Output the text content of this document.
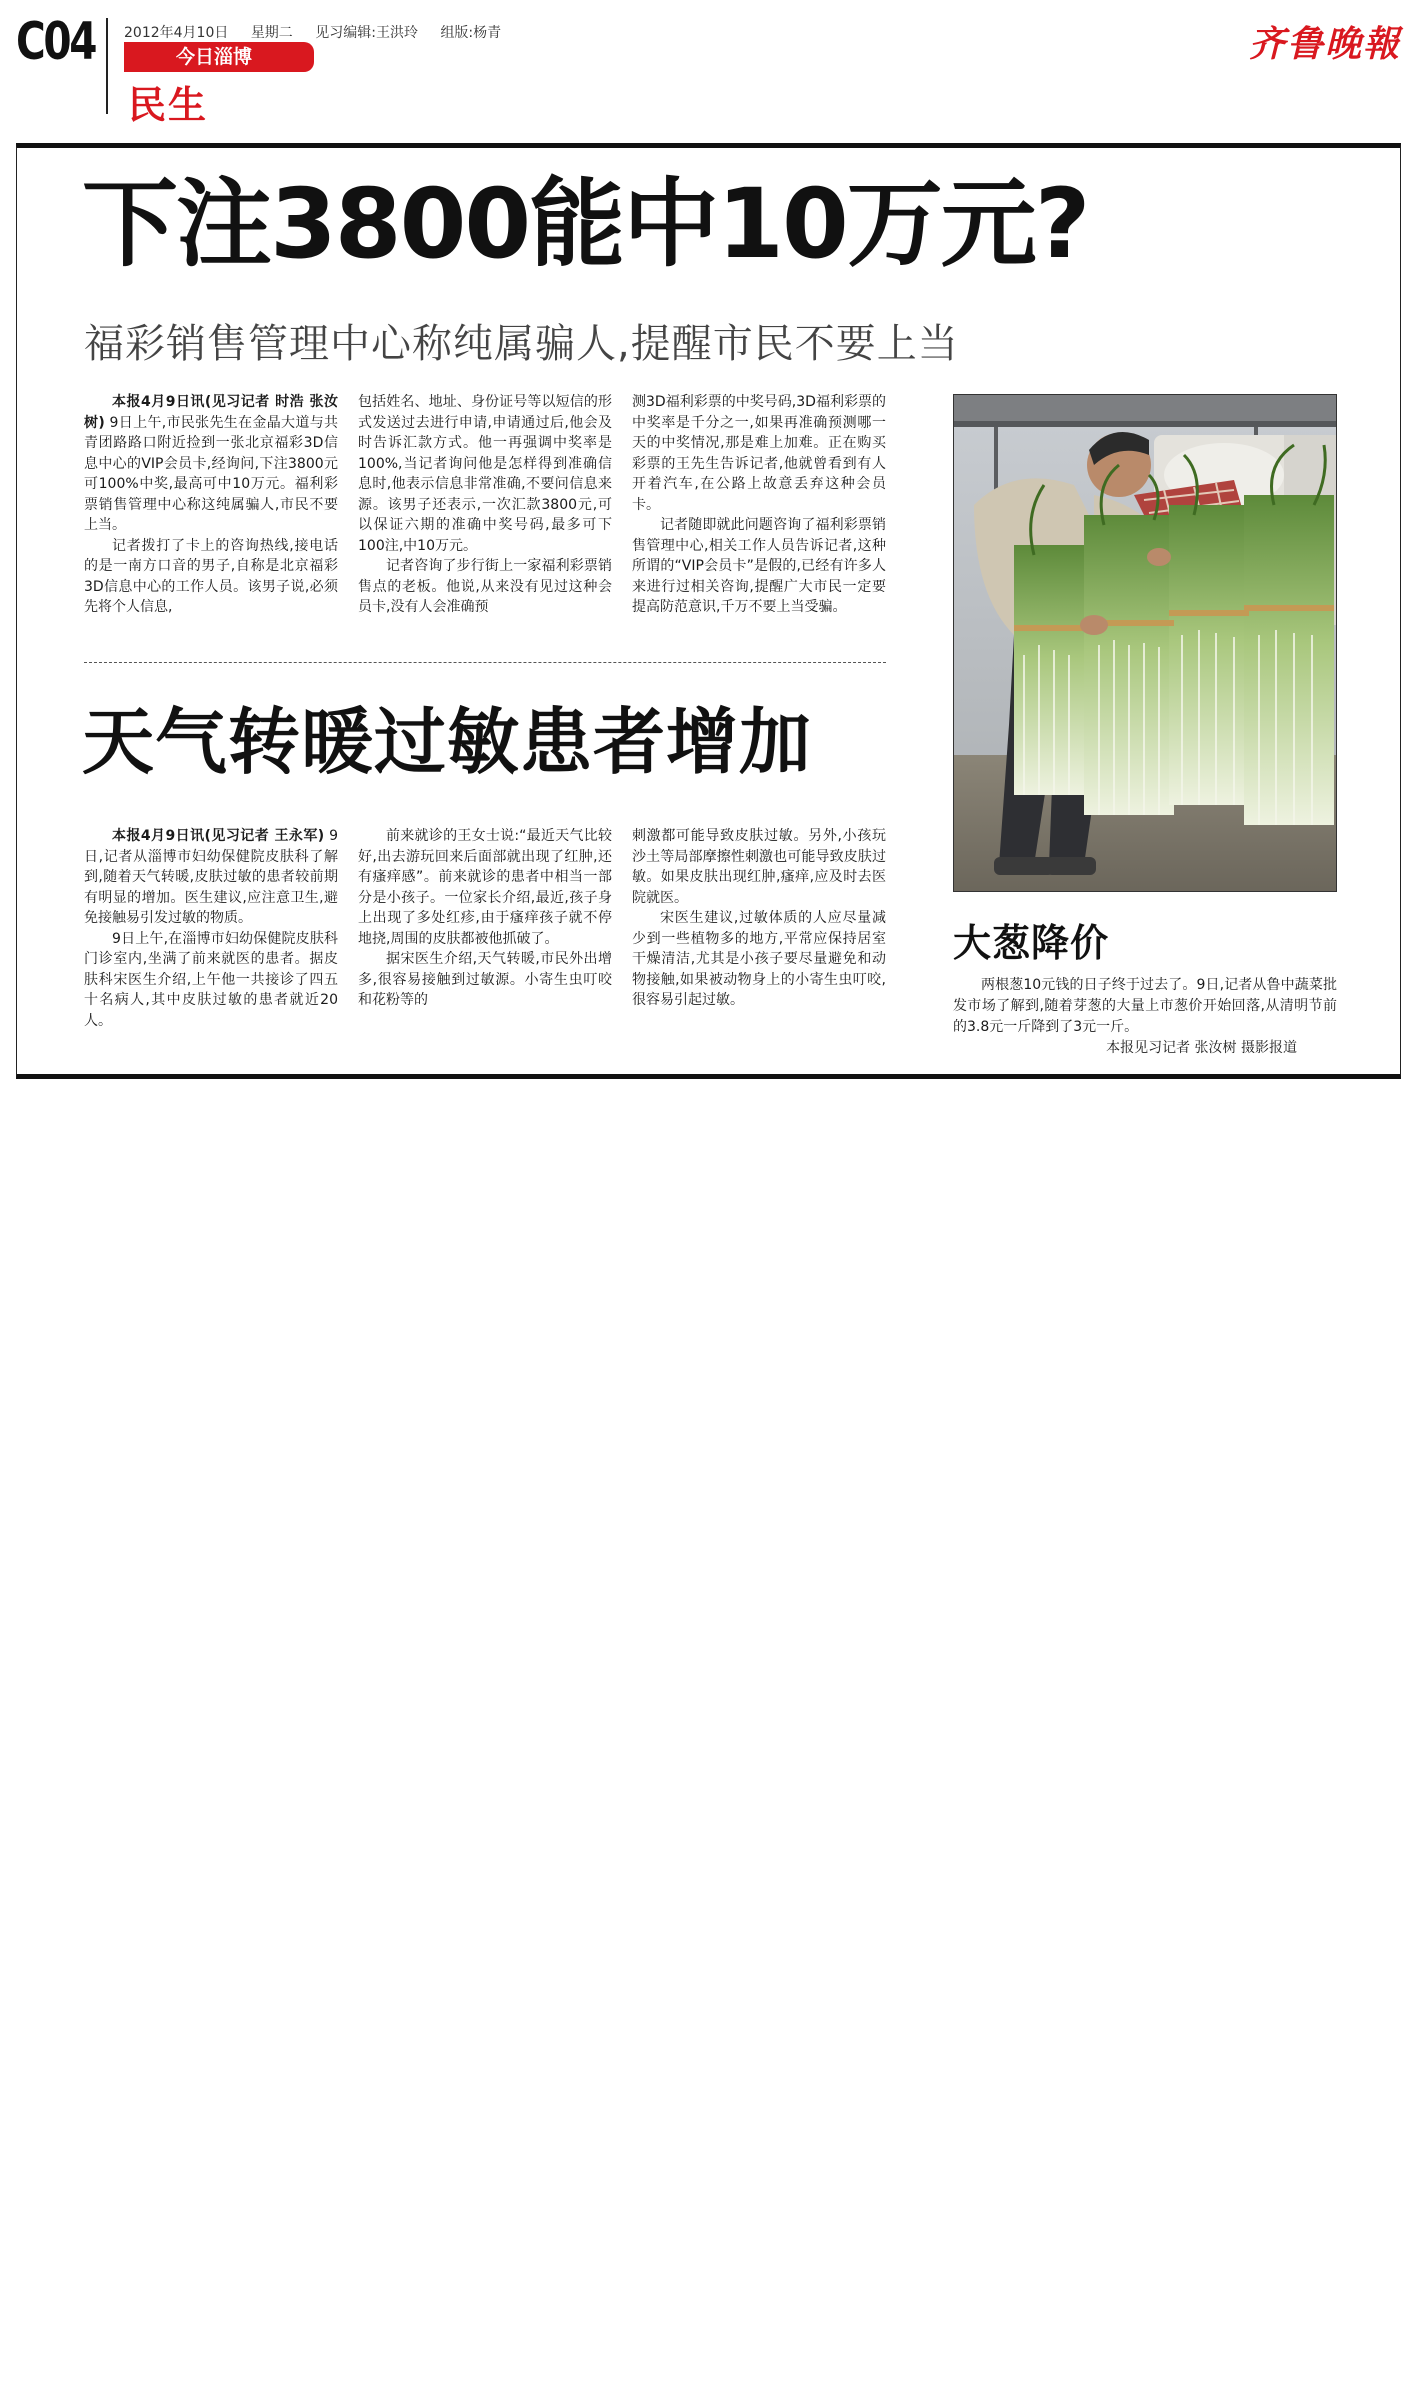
C04 2012年4月10日 星期二 见习编辑:王洪玲 组版:杨青
今日淄博
民生
齐鲁晚報
下注3800能中10万元?
福彩销售管理中心称纯属骗人,提醒市民不要上当

本报4月9日讯(见习记者 时浩 张汝树) 9日上午,市民张先生在金晶大道与共青团路路口附近捡到一张北京福彩3D信息中心的VIP会员卡,经询问,下注3800元可100%中奖,最高可中10万元。福利彩票销售管理中心称这纯属骗人,市民不要上当。

记者拨打了卡上的咨询热线,接电话的是一南方口音的男子,自称是北京福彩3D信息中心的工作人员。该男子说,必须先将个人信息,

包括姓名、地址、身份证号等以短信的形式发送过去进行申请,申请通过后,他会及时告诉汇款方式。他一再强调中奖率是100%,当记者询问他是怎样得到准确信息时,他表示信息非常准确,不要问信息来源。该男子还表示,一次汇款3800元,可以保证六期的准确中奖号码,最多可下100注,中10万元。

记者咨询了步行街上一家福利彩票销售点的老板。他说,从来没有见过这种会员卡,没有人会准确预

测3D福利彩票的中奖号码,3D福利彩票的中奖率是千分之一,如果再准确预测哪一天的中奖情况,那是难上加难。正在购买彩票的王先生告诉记者,他就曾看到有人开着汽车,在公路上故意丢弃这种会员卡。

记者随即就此问题咨询了福利彩票销售管理中心,相关工作人员告诉记者,这种所谓的“VIP会员卡”是假的,已经有许多人来进行过相关咨询,提醒广大市民一定要提高防范意识,千万不要上当受骗。

天气转暖过敏患者增加

本报4月9日讯(见习记者 王永军) 9日,记者从淄博市妇幼保健院皮肤科了解到,随着天气转暖,皮肤过敏的患者较前期有明显的增加。医生建议,应注意卫生,避免接触易引发过敏的物质。

9日上午,在淄博市妇幼保健院皮肤科门诊室内,坐满了前来就医的患者。据皮肤科宋医生介绍,上午他一共接诊了四五十名病人,其中皮肤过敏的患者就近20人。

前来就诊的王女士说:“最近天气比较好,出去游玩回来后面部就出现了红肿,还有瘙痒感”。前来就诊的患者中相当一部分是小孩子。一位家长介绍,最近,孩子身上出现了多处红疹,由于瘙痒孩子就不停地挠,周围的皮肤都被他抓破了。

据宋医生介绍,天气转暖,市民外出增多,很容易接触到过敏源。小寄生虫叮咬和花粉等的

刺激都可能导致皮肤过敏。另外,小孩玩沙土等局部摩擦性刺激也可能导致皮肤过敏。如果皮肤出现红肿,瘙痒,应及时去医院就医。

宋医生建议,过敏体质的人应尽量减少到一些植物多的地方,平常应保持居室干燥清洁,尤其是小孩子要尽量避免和动物接触,如果被动物身上的小寄生虫叮咬,很容易引起过敏。

大葱降价

两根葱10元钱的日子终于过去了。9日,记者从鲁中蔬菜批发市场了解到,随着芽葱的大量上市葱价开始回落,从清明节前的3.8元一斤降到了3元一斤。

本报见习记者 张汝树 摄影报道
